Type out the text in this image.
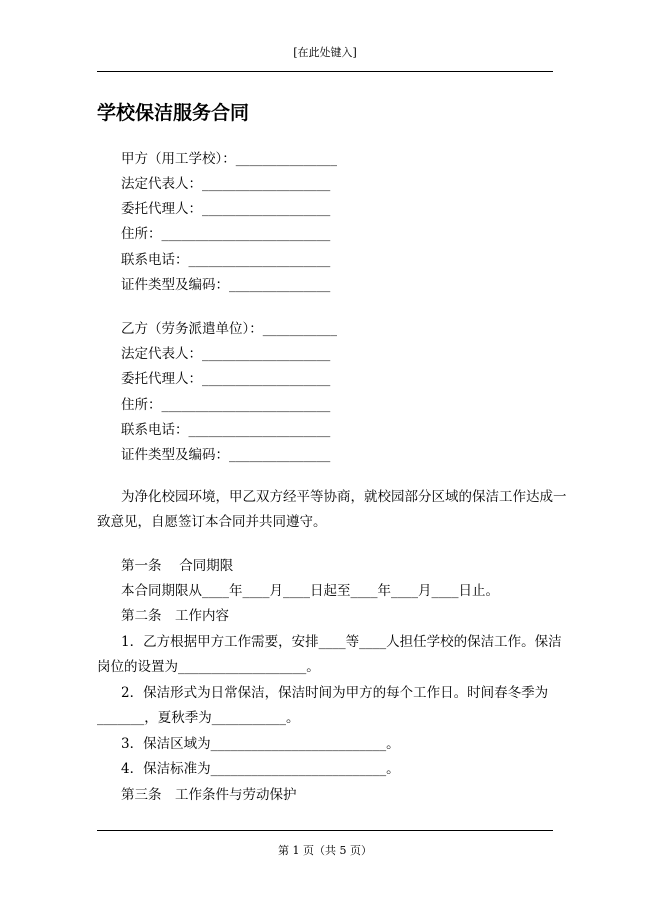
[在此处键入]
学校保洁服务合同
甲方（用工学校）：_______________
法定代表人：___________________
委托代理人：___________________
住所：_________________________
联系电话：_____________________
证件类型及编码：_______________
乙方（劳务派遣单位）：___________
法定代表人：___________________
委托代理人：___________________
住所：_________________________
联系电话：_____________________
证件类型及编码：_______________
为净化校园环境，甲乙双方经平等协商，就校园部分区域的保洁工作达成一
致意见，自愿签订本合同并共同遵守。
第一条　 合同期限
本合同期限从____年____月____日起至____年____月____日止。
第二条　工作内容
1．乙方根据甲方工作需要，安排____等____人担任学校的保洁工作。保洁
岗位的设置为___________________。
2．保洁形式为日常保洁，保洁时间为甲方的每个工作日。时间春冬季为
_______，夏秋季为___________。
3．保洁区域为__________________________。
4．保洁标准为__________________________。
第三条　工作条件与劳动保护
第 1 页（共 5 页）
